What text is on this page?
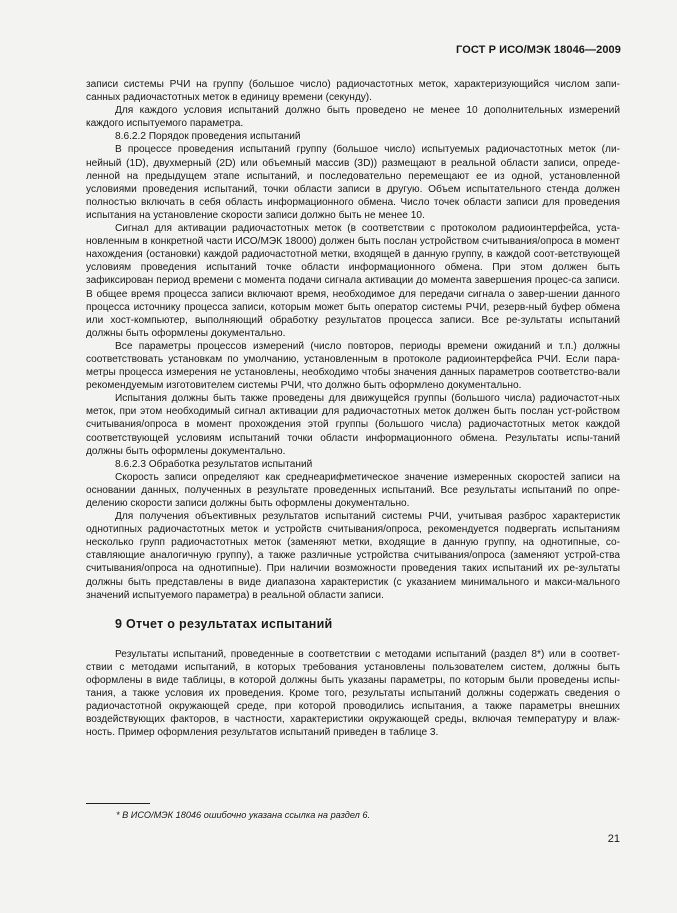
ГОСТ Р ИСО/МЭК 18046—2009

записи системы РЧИ на группу (большое число) радиочастотных меток, характеризующийся числом запи-санных радиочастотных меток в единицу времени (секунду).

Для каждого условия испытаний должно быть проведено не менее 10 дополнительных измерений каждого испытуемого параметра.

8.6.2.2 Порядок проведения испытаний

В процессе проведения испытаний группу (большое число) испытуемых радиочастотных меток (ли-нейный (1D), двухмерный (2D) или объемный массив (3D)) размещают в реальной области записи, опреде-ленной на предыдущем этапе испытаний, и последовательно перемещают ее из одной, установленной условиями проведения испытаний, точки области записи в другую. Объем испытательного стенда должен полностью включать в себя область информационного обмена. Число точек области записи для проведения испытания на установление скорости записи должно быть не менее 10.

Сигнал для активации радиочастотных меток (в соответствии с протоколом радиоинтерфейса, уста-новленным в конкретной части ИСО/МЭК 18000) должен быть послан устройством считывания/опроса в момент нахождения (остановки) каждой радиочастотной метки, входящей в данную группу, в каждой соот-ветствующей условиям проведения испытаний точке области информационного обмена. При этом должен быть зафиксирован период времени с момента подачи сигнала активации до момента завершения процес-са записи. В общее время процесса записи включают время, необходимое для передачи сигнала о завер-шении данного процесса источнику процесса записи, которым может быть оператор системы РЧИ, резерв-ный буфер обмена или хост-компьютер, выполняющий обработку результатов процесса записи. Все ре-зультаты испытаний должны быть оформлены документально.

Все параметры процессов измерений (число повторов, периоды времени ожиданий и т.п.) должны соответствовать установкам по умолчанию, установленным в протоколе радиоинтерфейса РЧИ. Если пара-метры процесса измерения не установлены, необходимо чтобы значения данных параметров соответство-вали рекомендуемым изготовителем системы РЧИ, что должно быть оформлено документально.

Испытания должны быть также проведены для движущейся группы (большого числа) радиочастот-ных меток, при этом необходимый сигнал активации для радиочастотных меток должен быть послан уст-ройством считывания/опроса в момент прохождения этой группы (большого числа) радиочастотных меток каждой соответствующей условиям испытаний точки области информационного обмена. Результаты испы-таний должны быть оформлены документально.

8.6.2.3 Обработка результатов испытаний

Скорость записи определяют как среднеарифметическое значение измеренных скоростей записи на основании данных, полученных в результате проведенных испытаний. Все результаты испытаний по опре-делению скорости записи должны быть оформлены документально.

Для получения объективных результатов испытаний системы РЧИ, учитывая разброс характеристик однотипных радиочастотных меток и устройств считывания/опроса, рекомендуется подвергать испытаниям несколько групп радиочастотных меток (заменяют метки, входящие в данную группу, на однотипные, со-ставляющие аналогичную группу), а также различные устройства считывания/опроса (заменяют устрой-ства считывания/опроса на однотипные). При наличии возможности проведения таких испытаний их ре-зультаты должны быть представлены в виде диапазона характеристик (с указанием минимального и макси-мального значений испытуемого параметра) в реальной области записи.

9 Отчет о результатах испытаний

Результаты испытаний, проведенные в соответствии с методами испытаний (раздел 8*) или в соответ-ствии с методами испытаний, в которых требования установлены пользователем систем, должны быть оформлены в виде таблицы, в которой должны быть указаны параметры, по которым были проведены испы-тания, а также условия их проведения. Кроме того, результаты испытаний должны содержать сведения о радиочастотной окружающей среде, при которой проводились испытания, а также параметры внешних воздействующих факторов, в частности, характеристики окружающей среды, включая температуру и влаж-ность. Пример оформления результатов испытаний приведен в таблице 3.

* В ИСО/МЭК 18046 ошибочно указана ссылка на раздел 6.
21
